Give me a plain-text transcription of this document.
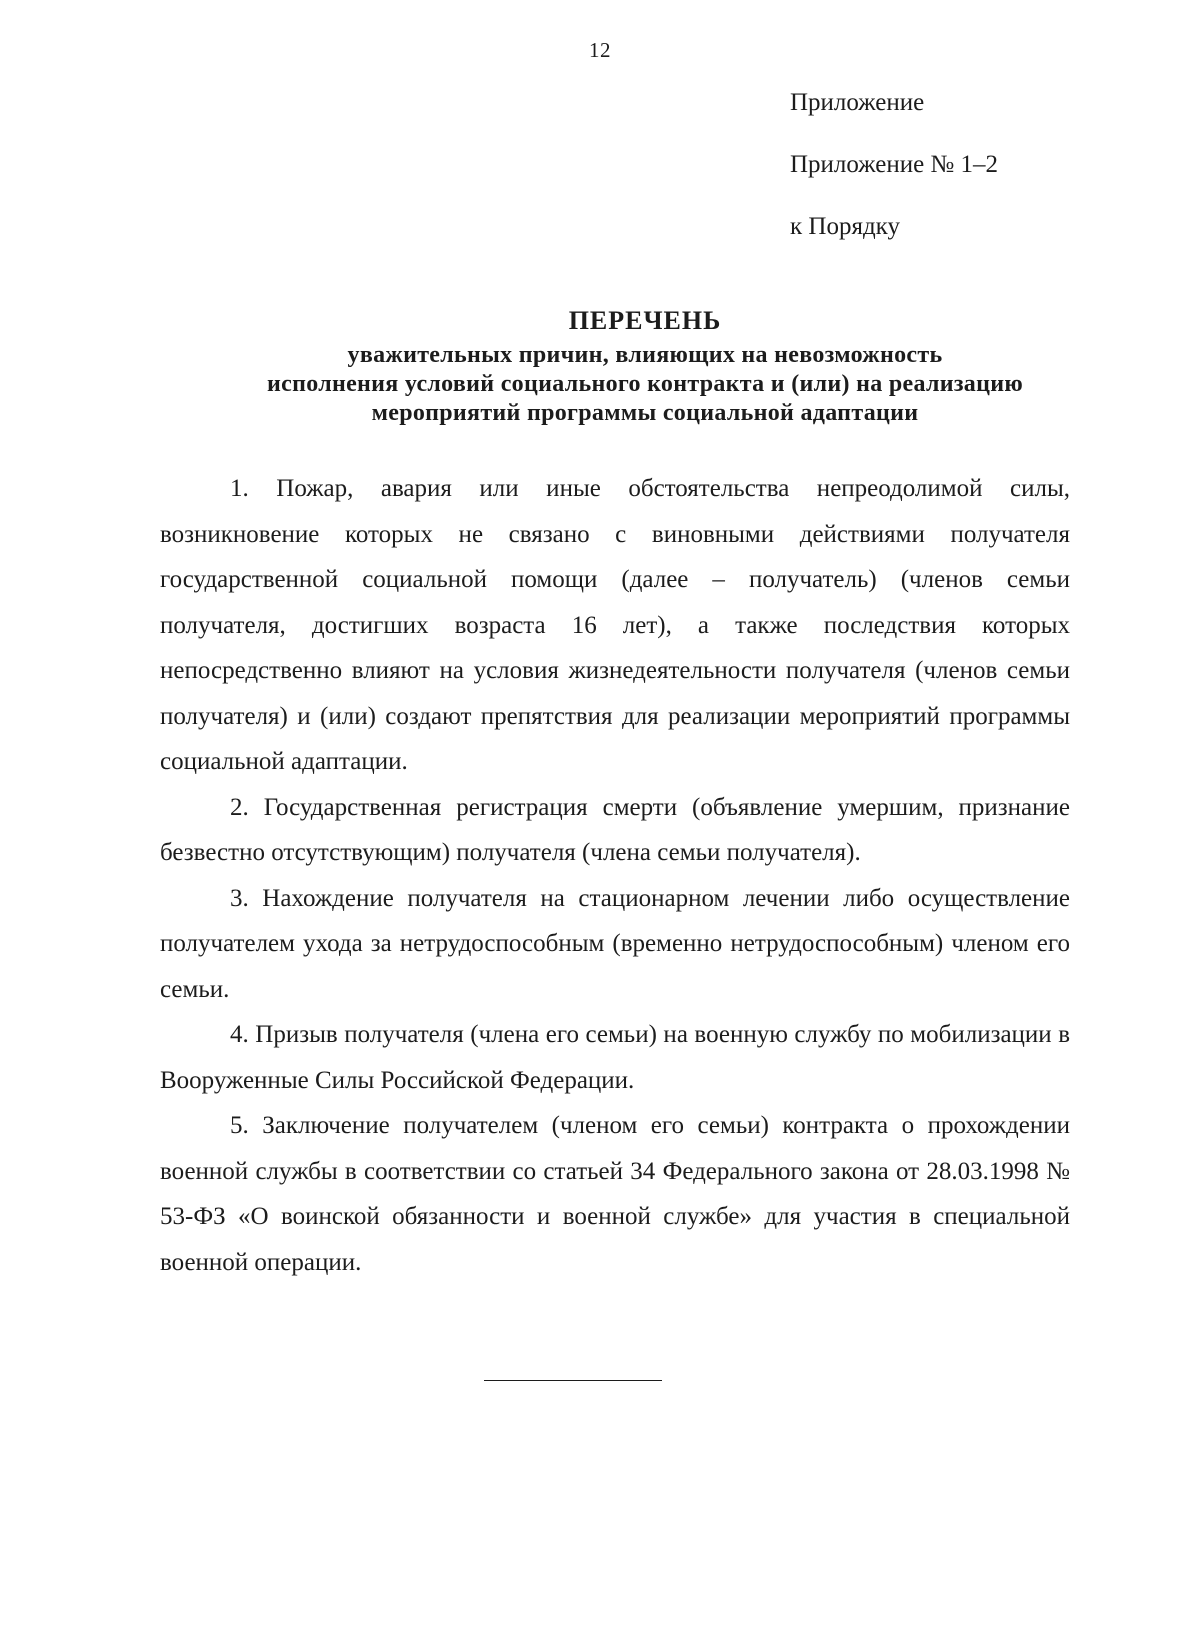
12
Приложение
Приложение № 1–2
к Порядку
ПЕРЕЧЕНЬ
уважительных причин, влияющих на невозможность
исполнения условий социального контракта и (или) на реализацию
мероприятий программы социальной адаптации

1. Пожар, авария или иные обстоятельства непреодолимой силы, возникновение которых не связано с виновными действиями получателя государственной социальной помощи (далее – получатель) (членов семьи получателя, достигших возраста 16 лет), а также последствия которых непосредственно влияют на условия жизнедеятельности получателя (членов семьи получателя) и (или) создают препятствия для реализации мероприятий программы социальной адаптации.

2. Государственная регистрация смерти (объявление умершим, признание безвестно отсутствующим) получателя (члена семьи получателя).

3. Нахождение получателя на стационарном лечении либо осуществление получателем ухода за нетрудоспособным (временно нетрудоспособным) членом его семьи.

4. Призыв получателя (члена его семьи) на военную службу по мобилизации в Вооруженные Силы Российской Федерации.

5. Заключение получателем (членом его семьи) контракта о прохождении военной службы в соответствии со статьей 34 Федерального закона от 28.03.1998 № 53-ФЗ «О воинской обязанности и военной службе» для участия в специальной военной операции.
